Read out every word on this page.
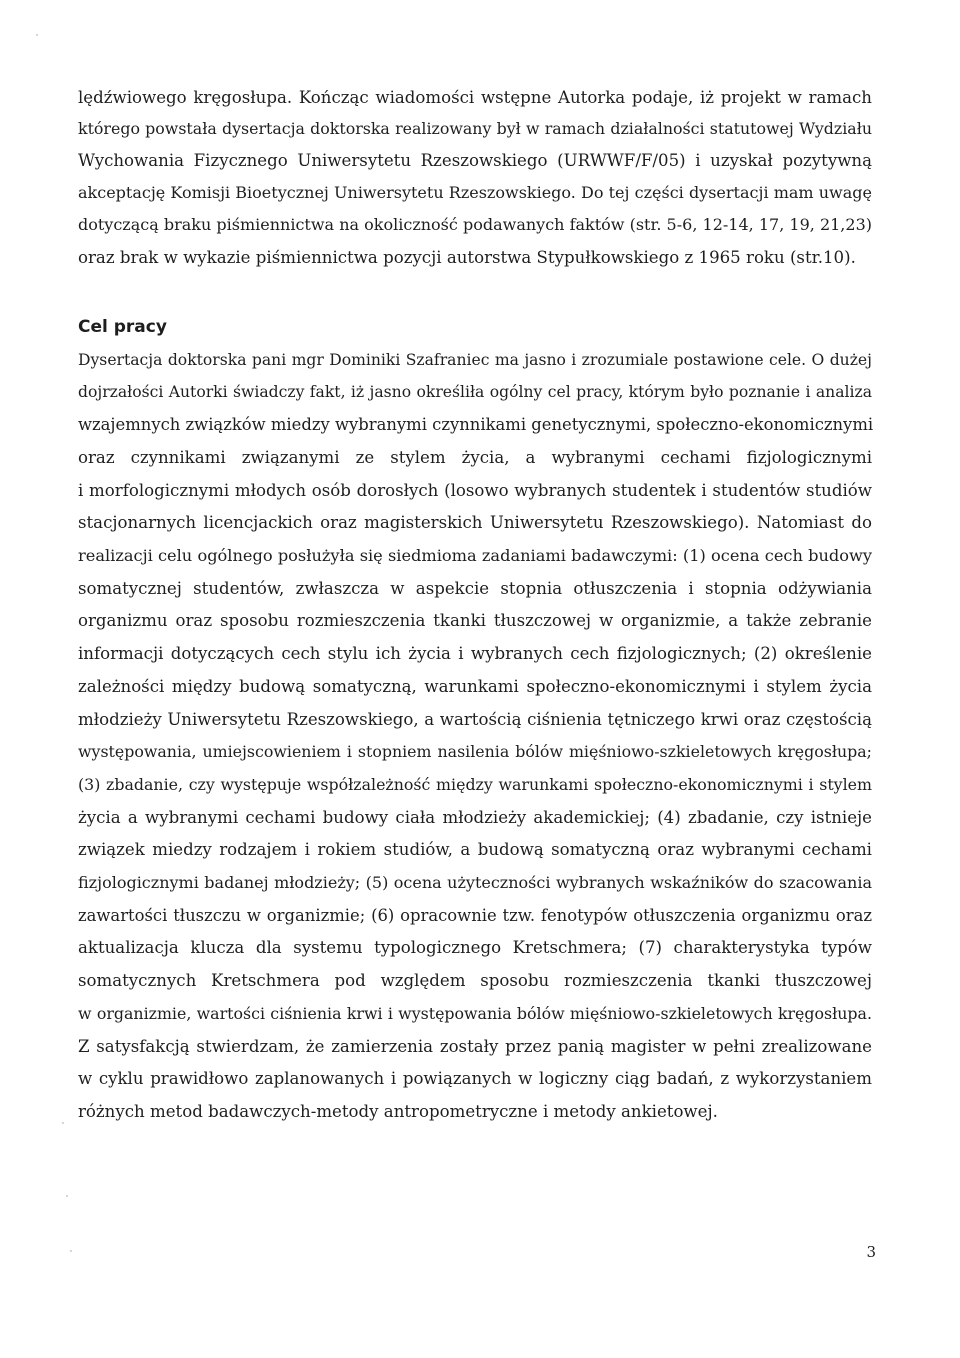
lędźwiowego kręgosłupa. Kończąc wiadomości wstępne Autorka podaje, iż projekt w ramach
którego powstała dysertacja doktorska realizowany był w ramach działalności statutowej Wydziału
Wychowania Fizycznego Uniwersytetu Rzeszowskiego (URWWF/F/05) i uzyskał pozytywną
akceptację Komisji Bioetycznej Uniwersytetu Rzeszowskiego. Do tej części dysertacji mam uwagę
dotyczącą braku piśmiennictwa na okoliczność podawanych faktów (str. 5-6, 12-14, 17, 19, 21,23)
oraz brak w wykazie piśmiennictwa pozycji autorstwa Stypułkowskiego z 1965 roku (str.10).
Cel pracy
Dysertacja doktorska pani mgr Dominiki Szafraniec ma jasno i zrozumiale postawione cele. O dużej
dojrzałości Autorki świadczy fakt, iż jasno określiła ogólny cel pracy, którym było poznanie i analiza
wzajemnych związków miedzy wybranymi czynnikami genetycznymi, społeczno-ekonomicznymi
oraz czynnikami związanymi ze stylem życia, a wybranymi cechami fizjologicznymi
i morfologicznymi młodych osób dorosłych (losowo wybranych studentek i studentów studiów
stacjonarnych licencjackich oraz magisterskich Uniwersytetu Rzeszowskiego). Natomiast do
realizacji celu ogólnego posłużyła się siedmioma zadaniami badawczymi: (1) ocena cech budowy
somatycznej studentów, zwłaszcza w aspekcie stopnia otłuszczenia i stopnia odżywiania
organizmu oraz sposobu rozmieszczenia tkanki tłuszczowej w organizmie, a także zebranie
informacji dotyczących cech stylu ich życia i wybranych cech fizjologicznych; (2) określenie
zależności między budową somatyczną, warunkami społeczno-ekonomicznymi i stylem życia
młodzieży Uniwersytetu Rzeszowskiego, a wartością ciśnienia tętniczego krwi oraz częstością
występowania, umiejscowieniem i stopniem nasilenia bólów mięśniowo-szkieletowych kręgosłupa;
(3) zbadanie, czy występuje współzależność między warunkami społeczno-ekonomicznymi i stylem
życia a wybranymi cechami budowy ciała młodzieży akademickiej; (4) zbadanie, czy istnieje
związek miedzy rodzajem i rokiem studiów, a budową somatyczną oraz wybranymi cechami
fizjologicznymi badanej młodzieży; (5) ocena użyteczności wybranych wskaźników do szacowania
zawartości tłuszczu w organizmie; (6) opracownie tzw. fenotypów otłuszczenia organizmu oraz
aktualizacja klucza dla systemu typologicznego Kretschmera; (7) charakterystyka typów
somatycznych Kretschmera pod względem sposobu rozmieszczenia tkanki tłuszczowej
w organizmie, wartości ciśnienia krwi i występowania bólów mięśniowo-szkieletowych kręgosłupa.
Z satysfakcją stwierdzam, że zamierzenia zostały przez panią magister w pełni zrealizowane
w cyklu prawidłowo zaplanowanych i powiązanych w logiczny ciąg badań, z wykorzystaniem
różnych metod badawczych-metody antropometryczne i metody ankietowej.
3
